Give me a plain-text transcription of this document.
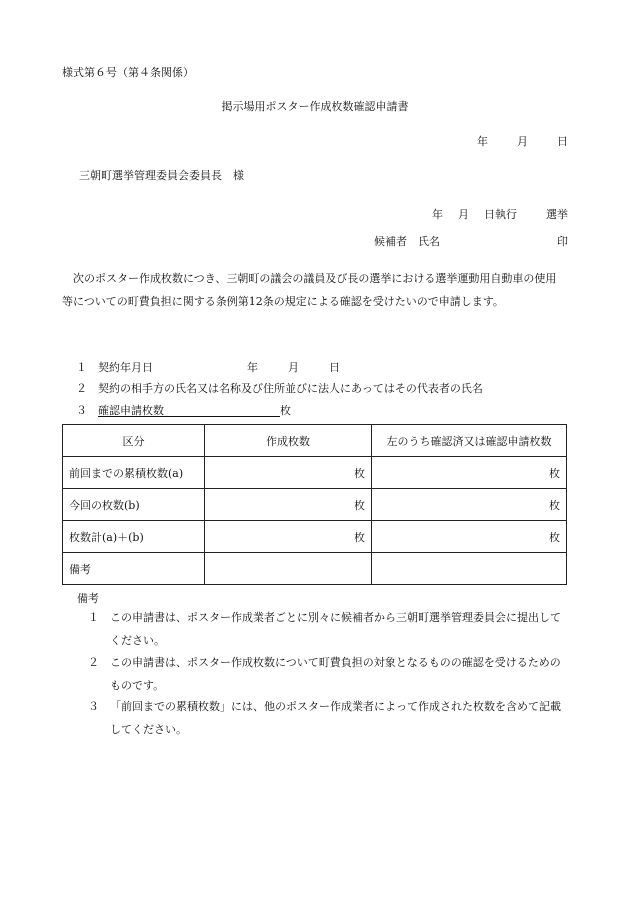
様式第６号（第４条関係）
掲示場用ポスター作成枚数確認申請書
年	月	日
三朝町選挙管理委員会委員長　様
年 月 日執行	選挙
候補者　氏名	印
次のポスター作成枚数につき、三朝町の議会の議員及び長の選挙における選挙運動用自動車の使用等についての町費負担に関する条例第12条の規定による確認を受けたいので申請します。
１ 契約年月日	年	月	日
２ 契約の相手方の氏名又は名称及び住所並びに法人にあってはその代表者の氏名
３ 確認申請枚数	枚
区分	作成枚数	左のうち確認済又は確認申請枚数
前回までの累積枚数(a)	枚	枚
今回の枚数(b)	枚	枚
枚数計(a)＋(b)	枚	枚
備考		
備考
１	この申請書は、ポスター作成業者ごとに別々に候補者から三朝町選挙管理委員会に提出してください。
２	この申請書は、ポスター作成枚数について町費負担の対象となるものの確認を受けるためのものです。
３	「前回までの累積枚数」には、他のポスター作成業者によって作成された枚数を含めて記載してください。
